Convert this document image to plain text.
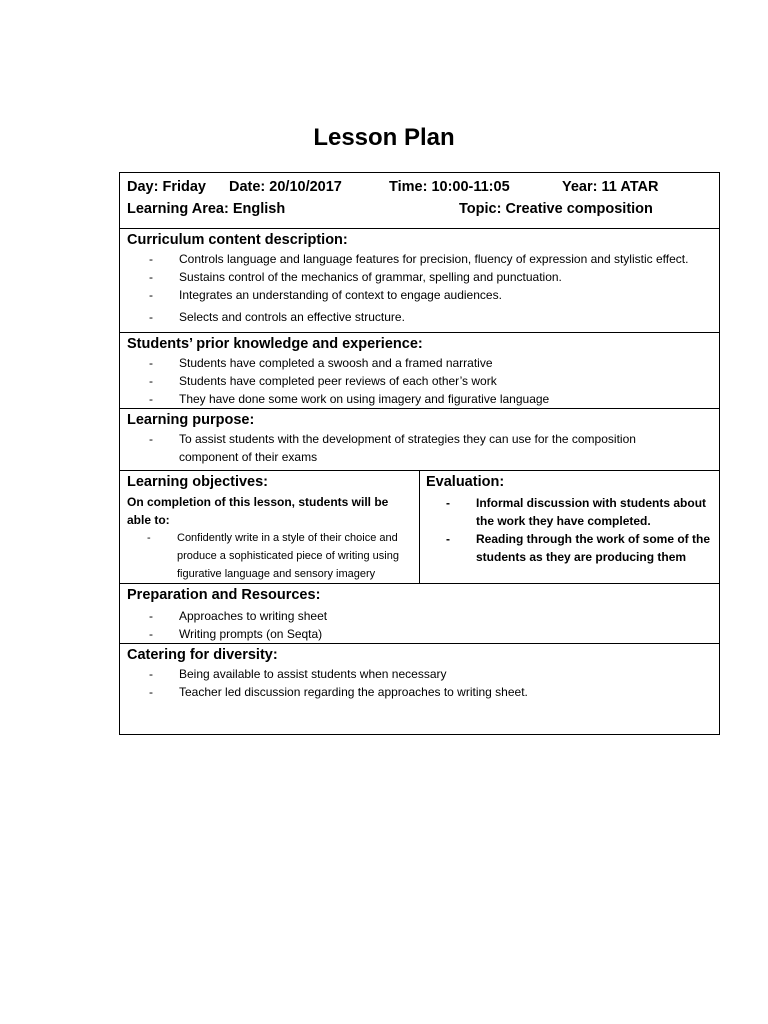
Lesson Plan
Day: Friday Date: 20/10/2017	Time: 10:00-11:05	Year: 11 ATAR
Learning Area: English	Topic: Creative composition
Curriculum content description:
- Controls language and language features for precision, fluency of expression and stylistic effect.
- Sustains control of the mechanics of grammar, spelling and punctuation.
- Integrates an understanding of context to engage audiences.
- Selects and controls an effective structure.
Students’ prior knowledge and experience:
- Students have completed a swoosh and a framed narrative
- Students have completed peer reviews of each other’s work
- They have done some work on using imagery and figurative language
Learning purpose:
- To assist students with the development of strategies they can use for the composition component of their exams
Learning objectives:
On completion of this lesson, students will be able to:
- Confidently write in a style of their choice and produce a sophisticated piece of writing using figurative language and sensory imagery
Evaluation:
- Informal discussion with students about the work they have completed.
- Reading through the work of some of the students as they are producing them
Preparation and Resources:
- Approaches to writing sheet
- Writing prompts (on Seqta)
Catering for diversity:
- Being available to assist students when necessary
- Teacher led discussion regarding the approaches to writing sheet.
